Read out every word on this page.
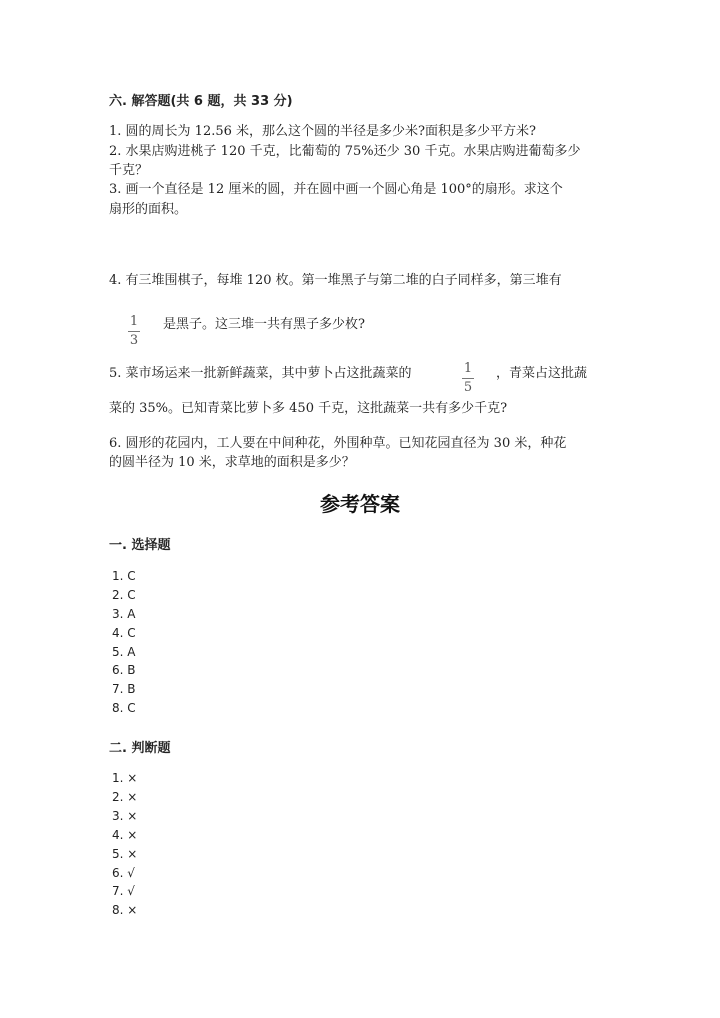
六. 解答题(共 6 题，共 33 分)
1. 圆的周长为 12.56 米，那么这个圆的半径是多少米?面积是多少平方米?
2. 水果店购进桃子 120 千克，比葡萄的 75%还少 30 千克。水果店购进葡萄多少
千克？
3. 画一个直径是 12 厘米的圆，并在圆中画一个圆心角是 100°的扇形。求这个
扇形的面积。
4. 有三堆围棋子，每堆 120 枚。第一堆黑子与第二堆的白子同样多，第三堆有
$\frac{1}{3}$ 是黑子。这三堆一共有黑子多少枚?
5. 菜市场运来一批新鲜蔬菜，其中萝卜占这批蔬菜的	$\frac{1}{5}$ ，青菜占这批蔬
菜的 35%。已知青菜比萝卜多 450 千克，这批蔬菜一共有多少千克?
6. 圆形的花园内，工人要在中间种花，外围种草。已知花园直径为 30 米，种花
的圆半径为 10 米，求草地的面积是多少？
参考答案
一. 选择题
1. C
2. C
3. A
4. C
5. A
6. B
7. B
8. C
二. 判断题
1. ×
2. ×
3. ×
4. ×
5. ×
6. √
7. √
8. ×
